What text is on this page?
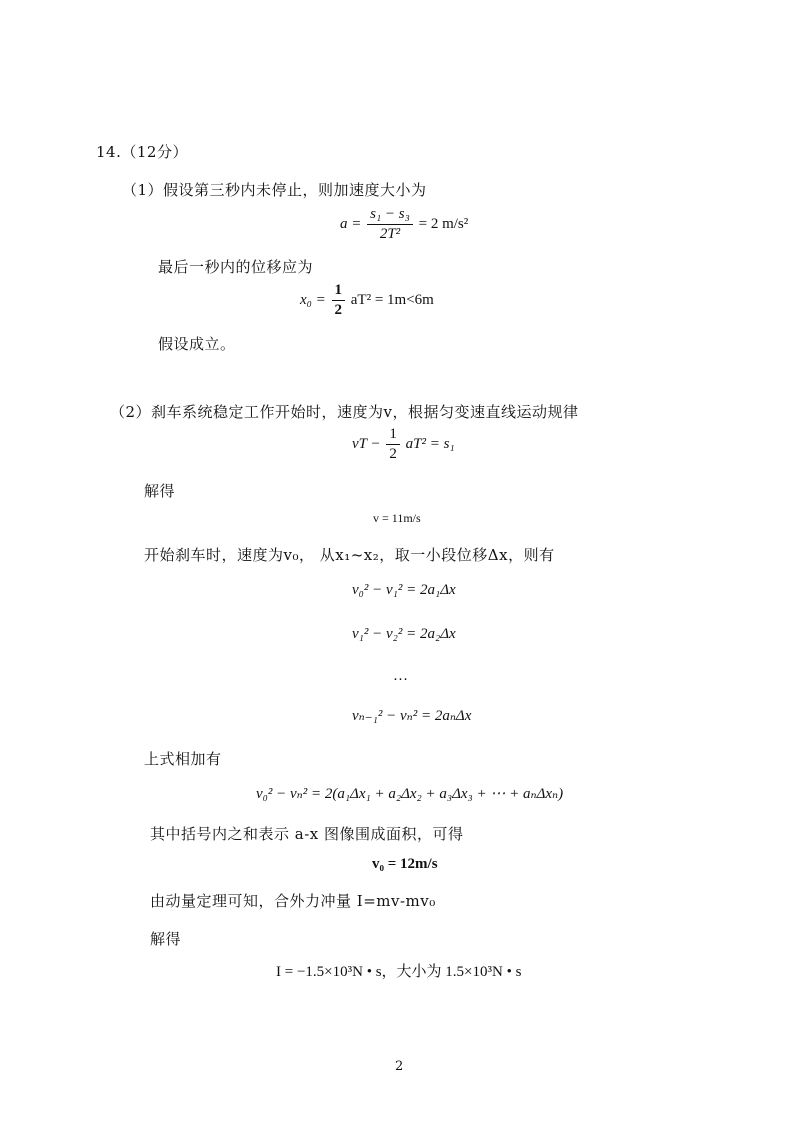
14.（12分）
（1）假设第三秒内未停止，则加速度大小为
$a = \frac{\text{s₁ − s₃}}{\text{2T²}} = 2$ m/s²
最后一秒内的位移应为
$x_0 = \frac{1}{2} aT^2 = 1m<6m$
假设成立。
（2）刹车系统稳定工作开始时，速度为v，根据匀变速直线运动规律
vT − $\frac{1}{2} aT^2 = s_1$
解得
v = 11m/s
开始刹车时，速度为v₀， 从x₁~x₂，取一小段位移Δx，则有
v₀² − v₁² = 2a₁Δx
v₁² − v₂² = 2a₂Δx
…
vₙ₋₁² − vₙ² = 2aₙΔx
上式相加有
v₀² − vₙ² = 2(a₁Δx₁ + a₂Δx₂ + a₃Δx₃ + ⋯ + aₙΔxₙ)
其中括号内之和表示 a-x 图像围成面积，可得
v₀ = 12m/s
由动量定理可知，合外力冲量 I=mv-mv₀
解得
I = −1.5×10³N • s，大小为 1.5×10³N • s
2
